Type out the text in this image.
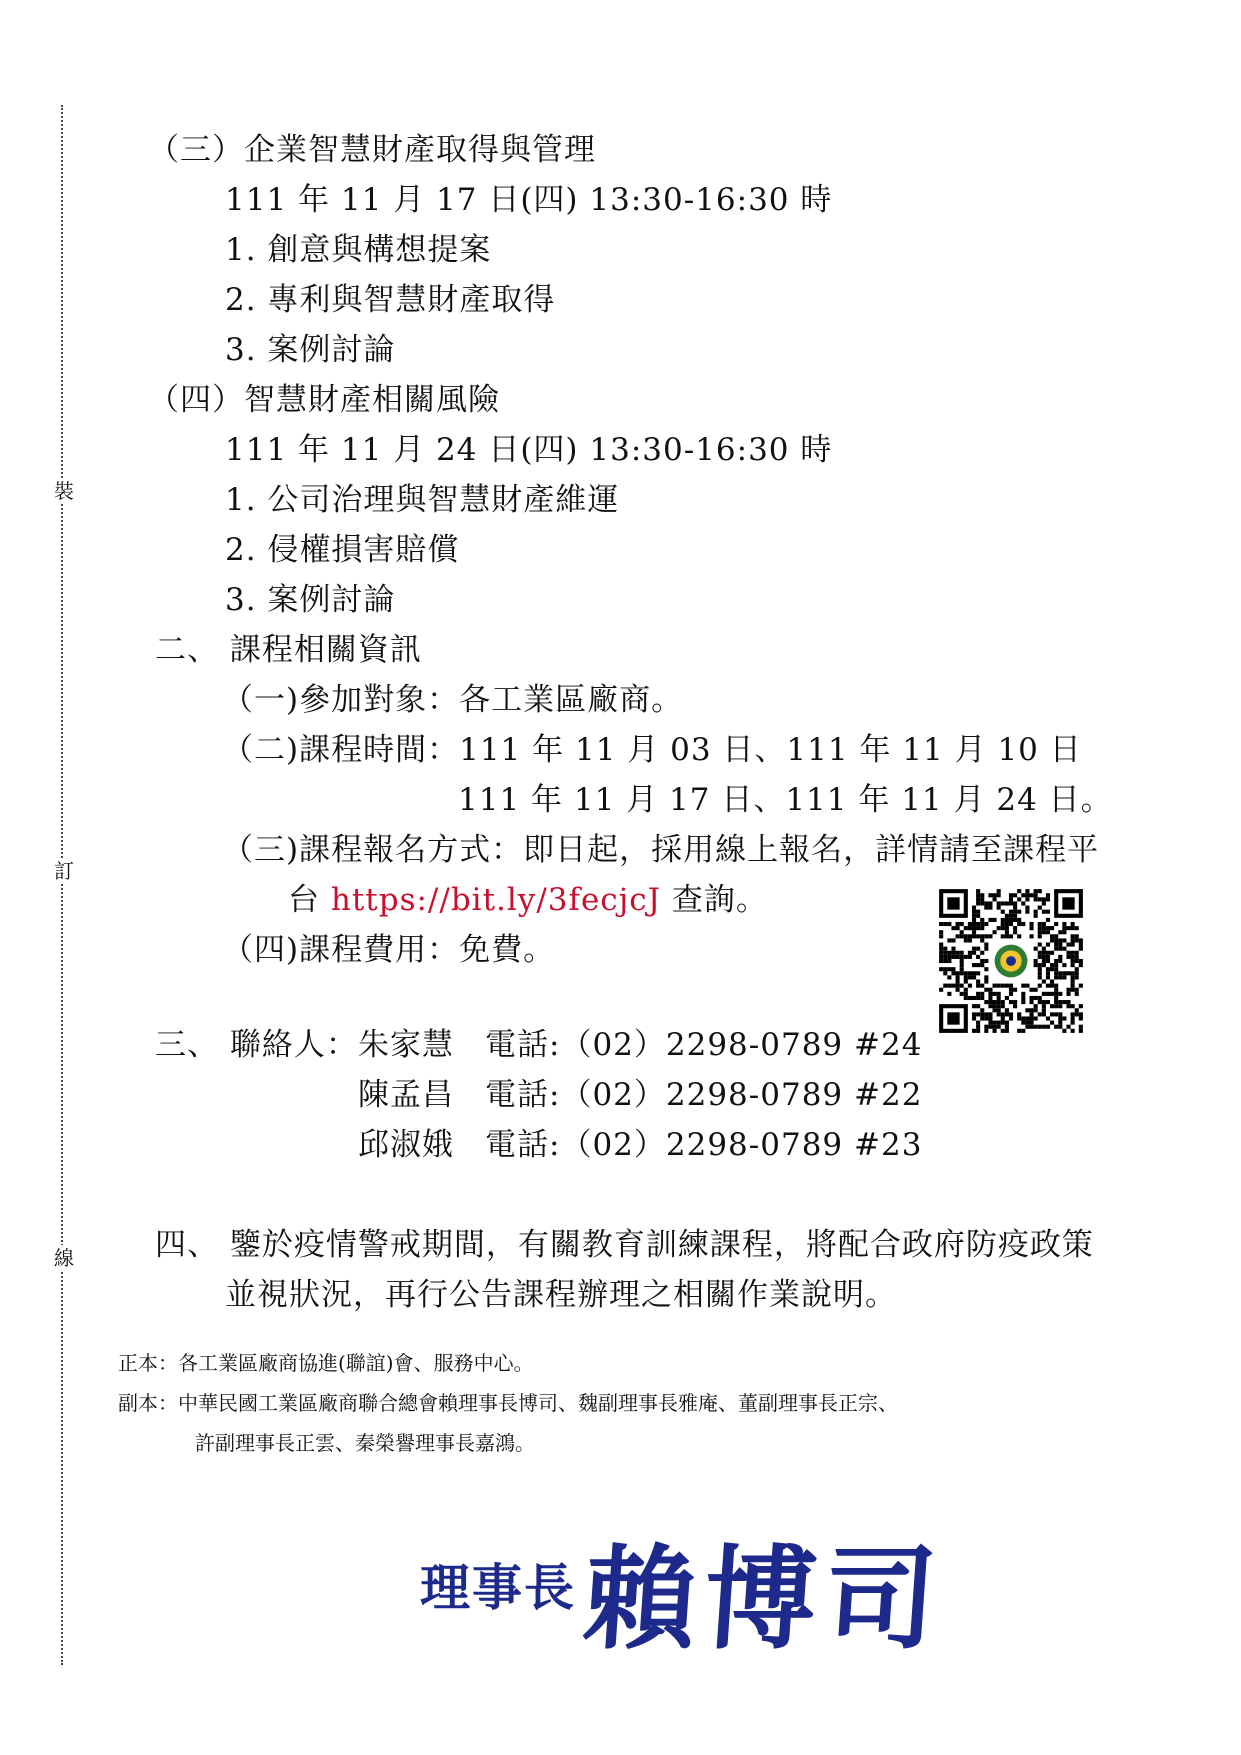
裝
訂
線
（三）企業智慧財產取得與管理
111 年 11 月 17 日(四) 13:30-16:30 時
1. 創意與構想提案
2. 專利與智慧財產取得
3. 案例討論
（四）智慧財產相關風險
111 年 11 月 24 日(四) 13:30-16:30 時
1. 公司治理與智慧財產維運
2. 侵權損害賠償
3. 案例討論
二、 課程相關資訊
（一)參加對象：各工業區廠商。
（二)課程時間：111 年 11 月 03 日、111 年 11 月 10 日
111 年 11 月 17 日、111 年 11 月 24 日。
（三)課程報名方式：即日起，採用線上報名，詳情請至課程平
台 https://bit.ly/3fecjcJ 查詢。
（四)課程費用：免費。
三、 聯絡人： 朱家慧 電話:（02）2298-0789 #24
陳孟昌 電話:（02）2298-0789 #22
邱淑娥 電話:（02）2298-0789 #23
四、 鑒於疫情警戒期間，有關教育訓練課程，將配合政府防疫政策
並視狀況，再行公告課程辦理之相關作業說明。
正本：各工業區廠商協進(聯誼)會、服務中心。
副本：中華民國工業區廠商聯合總會賴理事長博司、魏副理事長雅庵、董副理事長正宗、
許副理事長正雲、秦榮譽理事長嘉鴻。
理事長 賴博司
